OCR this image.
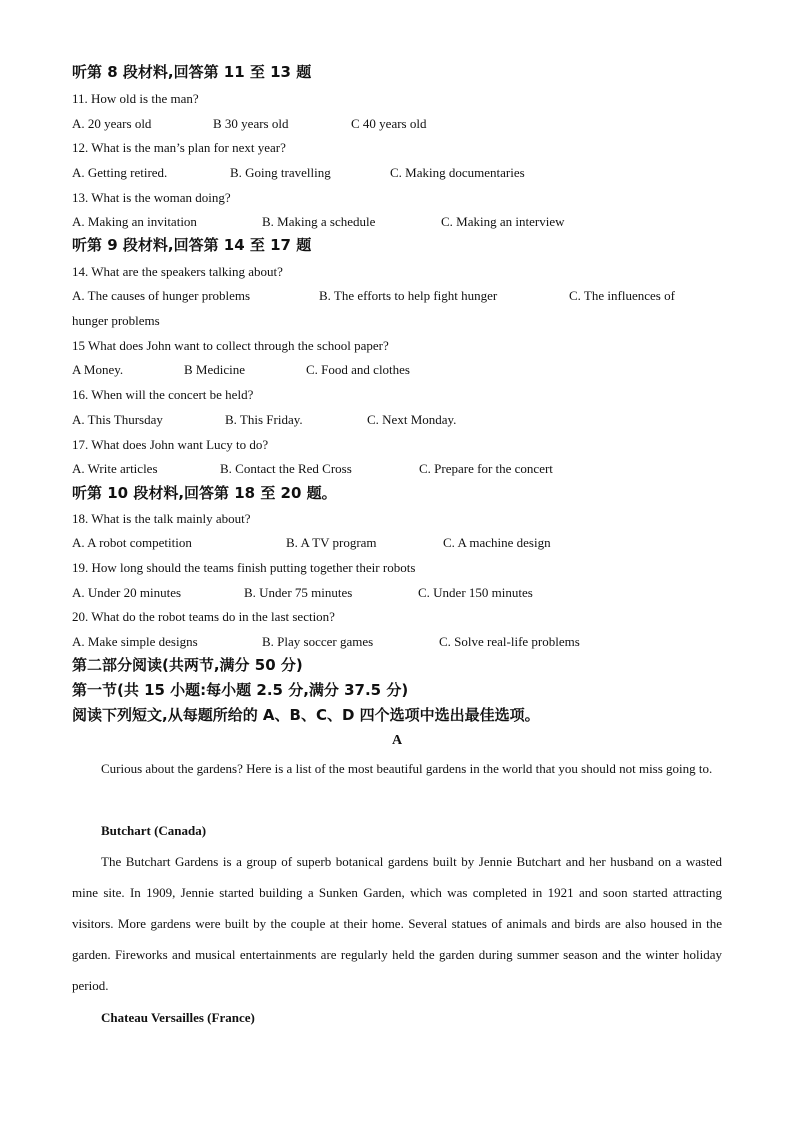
听第 8 段材料,回答第 11 至 13 题
11. How old is the man?
A. 20 years old	B 30 years old	C 40 years old
12. What is the man’s plan for next year?
A. Getting retired.	B. Going travelling	C. Making documentaries
13. What is the woman doing?
A. Making an invitation	B. Making a schedule	C. Making an interview
听第 9 段材料,回答第 14 至 17 题
14. What are the speakers talking about?
A. The causes of hunger problems	B. The efforts to help fight hunger	C. The influences of
hunger problems
15 What does John want to collect through the school paper?
A Money.	B Medicine	C. Food and clothes
16. When will the concert be held?
A. This Thursday	B. This Friday.	C. Next Monday.
17. What does John want Lucy to do?
A. Write articles	B. Contact the Red Cross	C. Prepare for the concert
听第 10 段材料,回答第 18 至 20 题。
18. What is the talk mainly about?
A. A robot competition	B. A TV program	C. A machine design
19. How long should the teams finish putting together their robots
A. Under 20 minutes	B. Under 75 minutes	C. Under 150 minutes
20. What do the robot teams do in the last section?
A. Make simple designs	B. Play soccer games	C. Solve real-life problems
第二部分阅读(共两节,满分 50 分)
第一节(共 15 小题:每小题 2.5 分,满分 37.5 分)
阅读下列短文,从每题所给的 A、B、C、D 四个选项中选出最佳选项。
A
Curious about the gardens? Here is a list of the most beautiful gardens in the world that you should not miss going to.
Butchart (Canada)
The Butchart Gardens is a group of superb botanical gardens built by Jennie Butchart and her husband on a wasted mine site. In 1909, Jennie started building a Sunken Garden, which was completed in 1921 and soon started attracting visitors. More gardens were built by the couple at their home. Several statues of animals and birds are also housed in the garden. Fireworks and musical entertainments are regularly held the garden during summer season and the winter holiday period.
Chateau Versailles (France)
